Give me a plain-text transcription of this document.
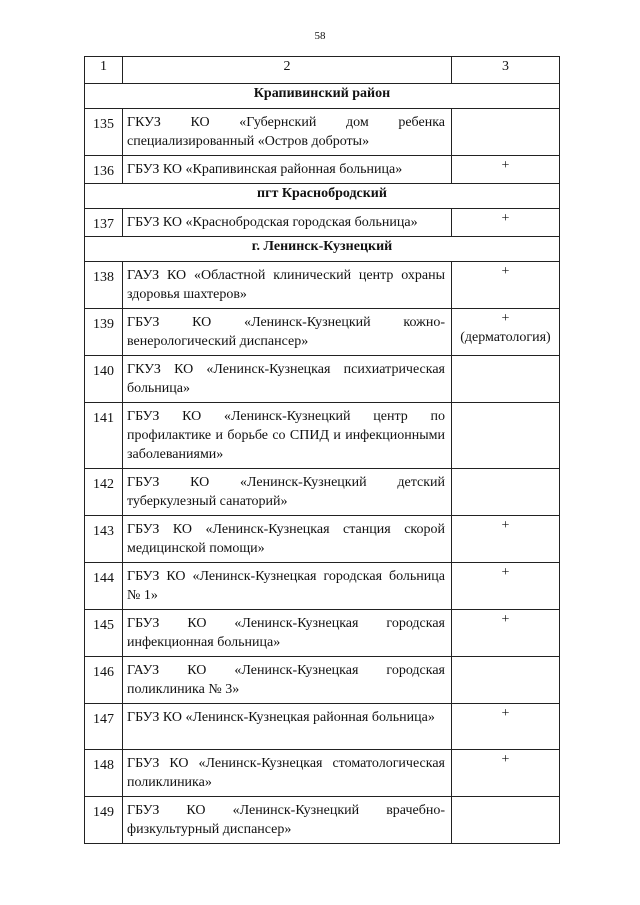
58
1	2	3
Крапивинский район		
135	ГКУЗ КО «Губернский дом ребенка специализированный «Остров доброты»	

136	ГБУЗ КО «Крапивинская районная больница»	+

пгт Краснобродский		
137	ГБУЗ КО «Краснобродская городская больница»	+

г. Ленинск-Кузнецкий		
138	ГАУЗ КО «Областной клинический центр охраны здоровья шахтеров»	+

139	ГБУЗ КО «Ленинск-Кузнецкий кожно-венерологический диспансер»	+
(дерматология)

140	ГКУЗ КО «Ленинск-Кузнецкая психиатрическая больница»	

141	ГБУЗ КО «Ленинск-Кузнецкий центр по профилактике и борьбе со СПИД и инфекционными заболеваниями»	

142	ГБУЗ КО «Ленинск-Кузнецкий детский туберкулезный санаторий»	

143	ГБУЗ КО «Ленинск-Кузнецкая станция скорой медицинской помощи»	+

144	ГБУЗ КО «Ленинск-Кузнецкая городская больница № 1»	+

145	ГБУЗ КО «Ленинск-Кузнецкая городская инфекционная больница»	+

146	ГАУЗ КО «Ленинск-Кузнецкая городская поликлиника № 3»	

147	ГБУЗ КО «Ленинск-Кузнецкая районная больница»	+

148	ГБУЗ КО «Ленинск-Кузнецкая стоматологическая поликлиника»	+

149	ГБУЗ КО «Ленинск-Кузнецкий врачебно-физкультурный диспансер»	
